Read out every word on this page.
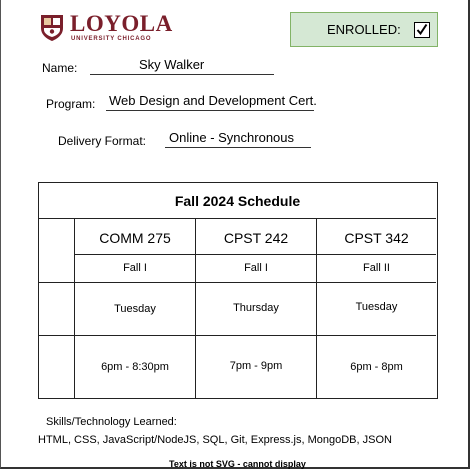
LOYOLA
UNIVERSITY CHICAGO
ENROLLED:
Name:	Sky Walker
Program: Web Design and Development Cert.
Delivery Format: Online - Synchronous
Fall 2024 Schedule
COMM 275
Fall I
Tuesday
6pm - 8:30pm
CPST 242
Fall I
Thursday
7pm - 9pm
CPST 342
Fall II
Tuesday
6pm - 8pm
Skills/Technology Learned:
HTML, CSS, JavaScript/NodeJS, SQL, Git, Express.js, MongoDB, JSON
Text is not SVG - cannot display
